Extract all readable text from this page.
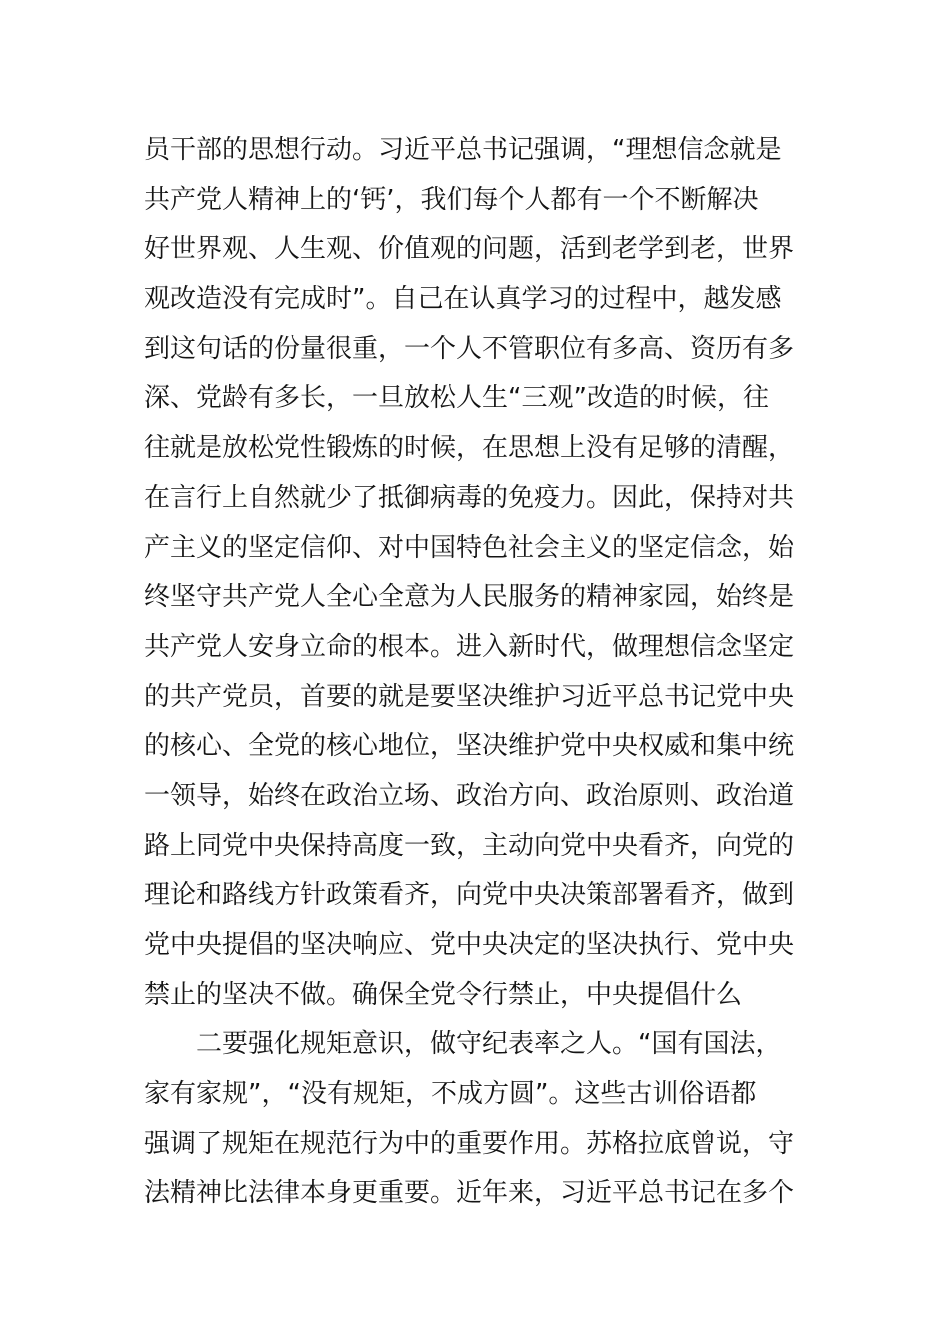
员干部的思想行动。习近平总书记强调，“理想信念就是
共产党人精神上的‘钙’，我们每个人都有一个不断解决
好世界观、人生观、价值观的问题，活到老学到老，世界
观改造没有完成时”。自己在认真学习的过程中，越发感
到这句话的份量很重，一个人不管职位有多高、资历有多
深、党龄有多长，一旦放松人生“三观”改造的时候，往
往就是放松党性锻炼的时候，在思想上没有足够的清醒，
在言行上自然就少了抵御病毒的免疫力。因此，保持对共
产主义的坚定信仰、对中国特色社会主义的坚定信念，始
终坚守共产党人全心全意为人民服务的精神家园，始终是
共产党人安身立命的根本。进入新时代，做理想信念坚定
的共产党员，首要的就是要坚决维护习近平总书记党中央
的核心、全党的核心地位，坚决维护党中央权威和集中统
一领导，始终在政治立场、政治方向、政治原则、政治道
路上同党中央保持高度一致，主动向党中央看齐，向党的
理论和路线方针政策看齐，向党中央决策部署看齐，做到
党中央提倡的坚决响应、党中央决定的坚决执行、党中央
禁止的坚决不做。确保全党令行禁止，中央提倡什么
二要强化规矩意识，做守纪表率之人。“国有国法，
家有家规”，“没有规矩，不成方圆”。这些古训俗语都
强调了规矩在规范行为中的重要作用。苏格拉底曾说，守
法精神比法律本身更重要。近年来，习近平总书记在多个
